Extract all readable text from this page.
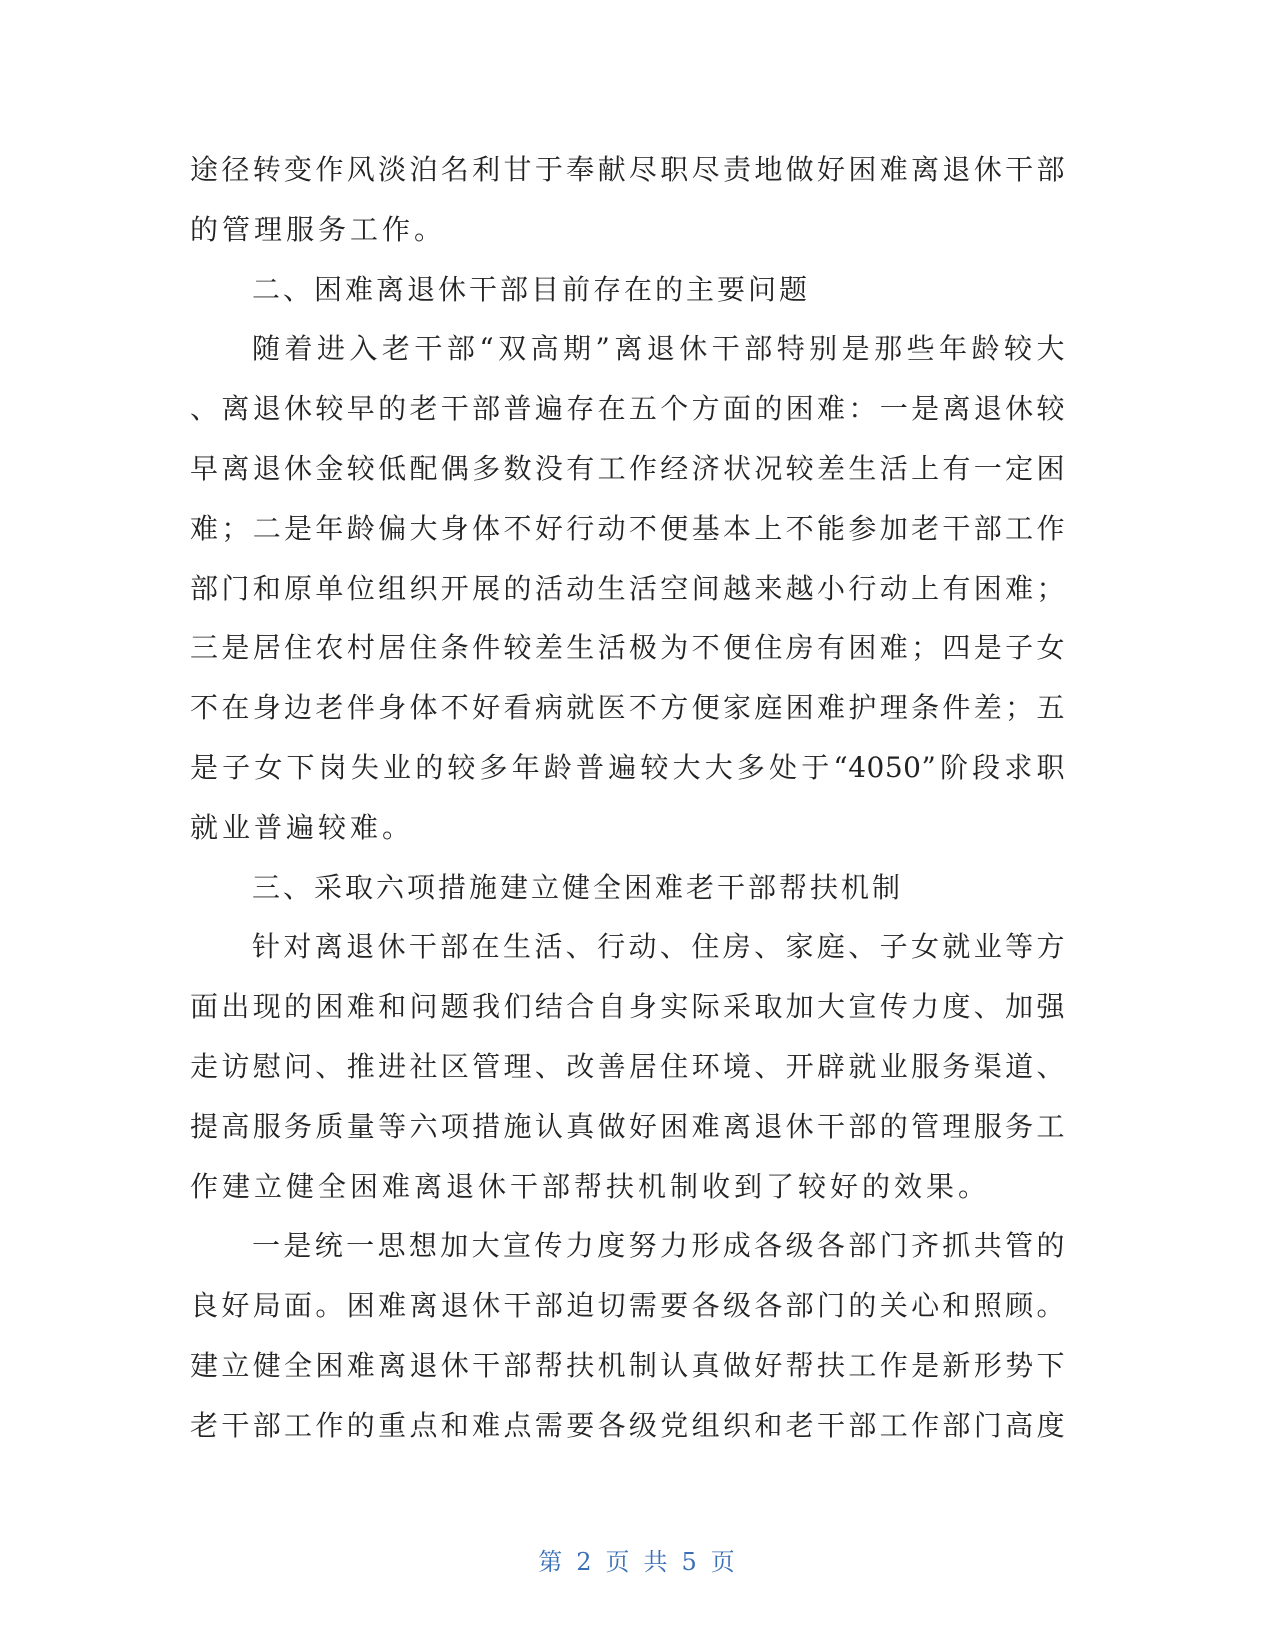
途径转变作风淡泊名利甘于奉献尽职尽责地做好困难离退休干部
的管理服务工作。
二、困难离退休干部目前存在的主要问题
随着进入老干部“双高期”离退休干部特别是那些年龄较大
、离退休较早的老干部普遍存在五个方面的困难：一是离退休较
早离退休金较低配偶多数没有工作经济状况较差生活上有一定困
难；二是年龄偏大身体不好行动不便基本上不能参加老干部工作
部门和原单位组织开展的活动生活空间越来越小行动上有困难；
三是居住农村居住条件较差生活极为不便住房有困难；四是子女
不在身边老伴身体不好看病就医不方便家庭困难护理条件差；五
是子女下岗失业的较多年龄普遍较大大多处于“4050”阶段求职
就业普遍较难。
三、采取六项措施建立健全困难老干部帮扶机制
针对离退休干部在生活、行动、住房、家庭、子女就业等方
面出现的困难和问题我们结合自身实际采取加大宣传力度、加强
走访慰问、推进社区管理、改善居住环境、开辟就业服务渠道、
提高服务质量等六项措施认真做好困难离退休干部的管理服务工
作建立健全困难离退休干部帮扶机制收到了较好的效果。
一是统一思想加大宣传力度努力形成各级各部门齐抓共管的
良好局面。困难离退休干部迫切需要各级各部门的关心和照顾。
建立健全困难离退休干部帮扶机制认真做好帮扶工作是新形势下
老干部工作的重点和难点需要各级党组织和老干部工作部门高度
第 2 页 共 5 页
